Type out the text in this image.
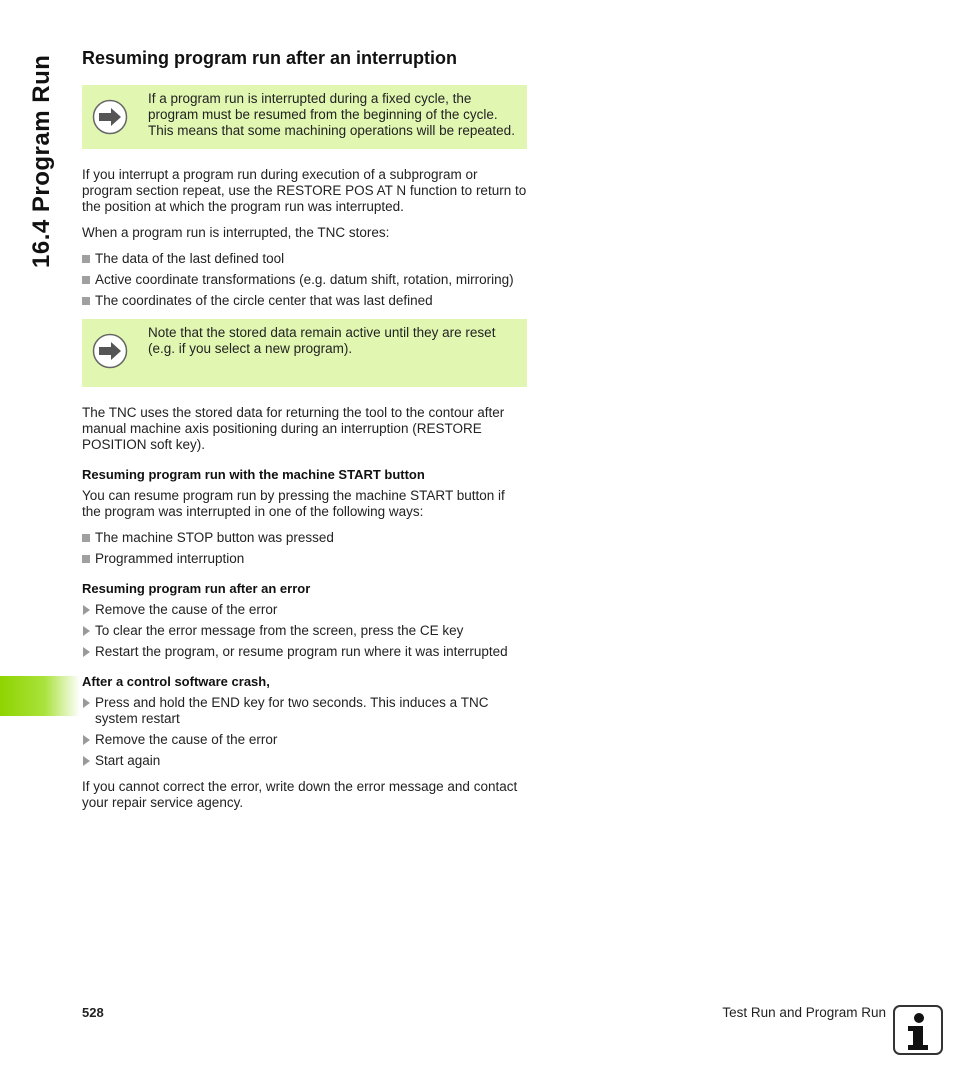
16.4 Program Run Resuming program run after an interruption

If a program run is interrupted during a fixed cycle, the program must be resumed from the beginning of the cycle. This means that some machining operations will be repeated.

If you interrupt a program run during execution of a subprogram or program section repeat, use the RESTORE POS AT N function to return to the position at which the program run was interrupted.

When a program run is interrupted, the TNC stores:

The data of the last defined tool
Active coordinate transformations (e.g. datum shift, rotation, mirroring)
The coordinates of the circle center that was last defined

Note that the stored data remain active until they are reset (e.g. if you select a new program).

The TNC uses the stored data for returning the tool to the contour after manual machine axis positioning during an interruption (RESTORE POSITION soft key).

Resuming program run with the machine START button

You can resume program run by pressing the machine START button if the program was interrupted in one of the following ways:

The machine STOP button was pressed
Programmed interruption
Resuming program run after an error
Remove the cause of the error
To clear the error message from the screen, press the CE key
Restart the program, or resume program run where it was interrupted
After a control software crash,
Press and hold the END key for two seconds. This induces a TNC system restart
Remove the cause of the error
Start again

If you cannot correct the error, write down the error message and contact your repair service agency.

528	Test Run and Program Run
